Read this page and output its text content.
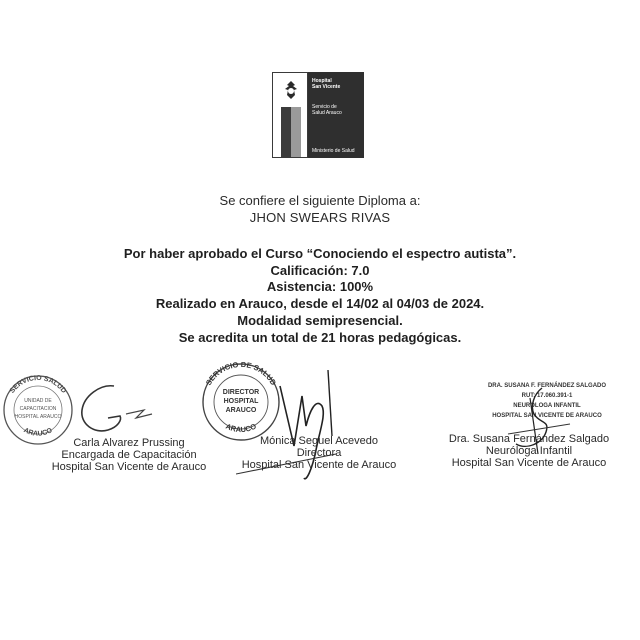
Hospital
San Vicente
Servicio de
Salud Arauco
Ministerio de Salud
Se confiere el siguiente Diploma a:
JHON SWEARS RIVAS
Por haber aprobado el Curso “Conociendo el espectro autista”.
Calificación: 7.0
Asistencia: 100%
Realizado en Arauco, desde el 14/02 al 04/03 de 2024.
Modalidad semipresencial.
Se acredita un total de 21 horas pedagógicas.
SERVICIO SALUD
ARAUCO
UNIDAD DE
CAPACITACION
HOSPITAL ARAUCO
SERVICIO DE SALUD
ARAUCO
DIRECTOR
HOSPITAL
ARAUCO
DRA. SUSANA F. FERNÁNDEZ SALGADO
RUT: 17.060.391-1
NEUROLOGA INFANTIL
HOSPITAL SAN VICENTE DE ARAUCO
Carla Alvarez Prussing
Encargada de Capacitación
Hospital San Vicente de Arauco
Mónica Seguel Acevedo
Directora
Hospital San Vicente de Arauco
Dra. Susana Fernández Salgado
Neuróloga Infantil
Hospital San Vicente de Arauco
